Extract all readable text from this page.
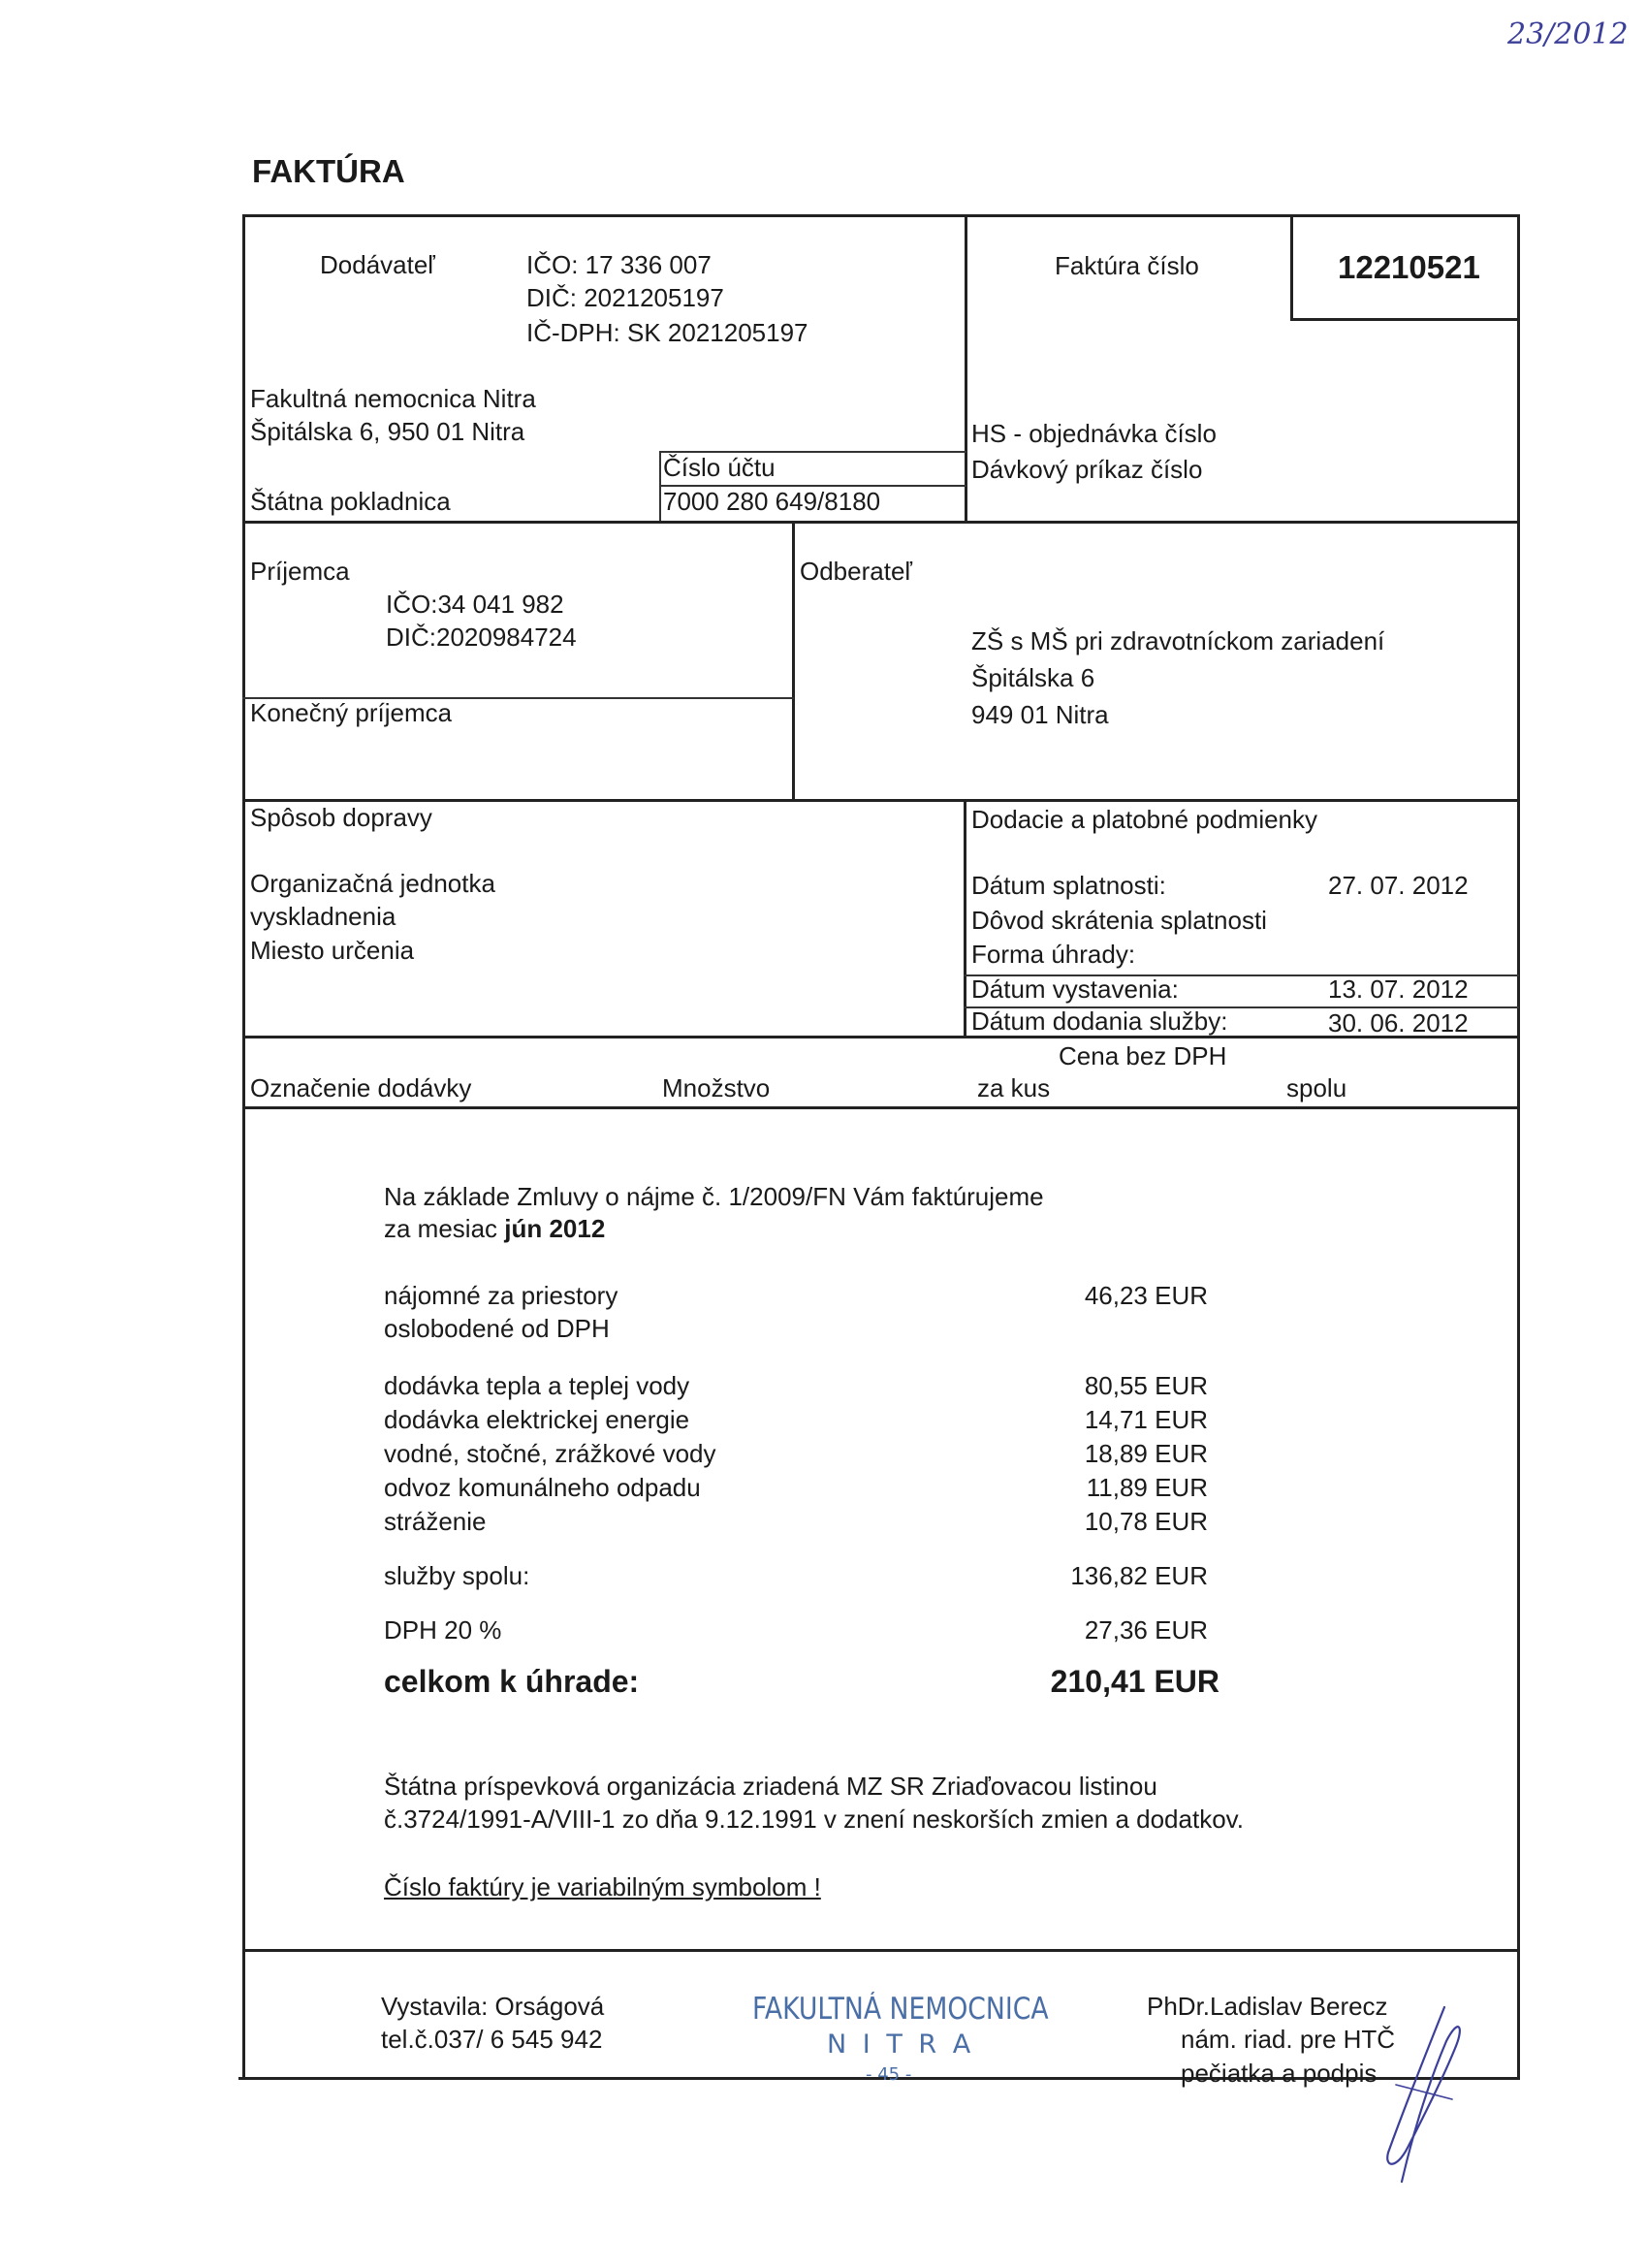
23/2012
FAKTÚRA
Dodávateľ	IČO: 17 336 007
DIČ: 2021205197
IČ-DPH: SK 2021205197
Fakultná nemocnica Nitra
Špitálska 6, 950 01 Nitra
Štátna pokladnica
Číslo účtu
7000 280 649/8180
Faktúra číslo	12210521
HS - objednávka číslo
Dávkový príkaz číslo
Príjemca
IČO:34 041 982
DIČ:2020984724
Konečný príjemca
Odberateľ
ZŠ s MŠ pri zdravotníckom zariadení
Špitálska 6
949 01 Nitra
Spôsob dopravy
Organizačná jednotka
vyskladnenia
Miesto určenia
Dodacie a platobné podmienky
Dátum splatnosti:	27. 07. 2012
Dôvod skrátenia splatnosti
Forma úhrady:
Dátum vystavenia:	13. 07. 2012
Dátum dodania služby:	30. 06. 2012
Označenie dodávky	Množstvo
Cena bez DPH
za kus	spolu
Na základe Zmluvy o nájme č. 1/2009/FN Vám faktúrujeme
za mesiac jún 2012
nájomné za priestory
oslobodené od DPH
46,23 EUR
dodávka tepla a teplej vody	80,55 EUR
dodávka elektrickej energie	14,71 EUR
vodné, stočné, zrážkové vody	18,89 EUR
odvoz komunálneho odpadu	11,89 EUR
stráženie	10,78 EUR
služby spolu:	136,82 EUR
DPH 20 %	27,36 EUR
celkom k úhrade:	210,41 EUR
Štátna príspevková organizácia zriadená MZ SR Zriaďovacou listinou
č.3724/1991-A/VIII-1 zo dňa 9.12.1991 v znení neskorších zmien a dodatkov.
Číslo faktúry je variabilným symbolom !
Vystavila: Orságová
tel.č.037/ 6 545 942
FAKULTNÁ NEMOCNICA
N I T R A
- 45 -
PhDr.Ladislav Berecz
nám. riad. pre HTČ
pečiatka a podpis
